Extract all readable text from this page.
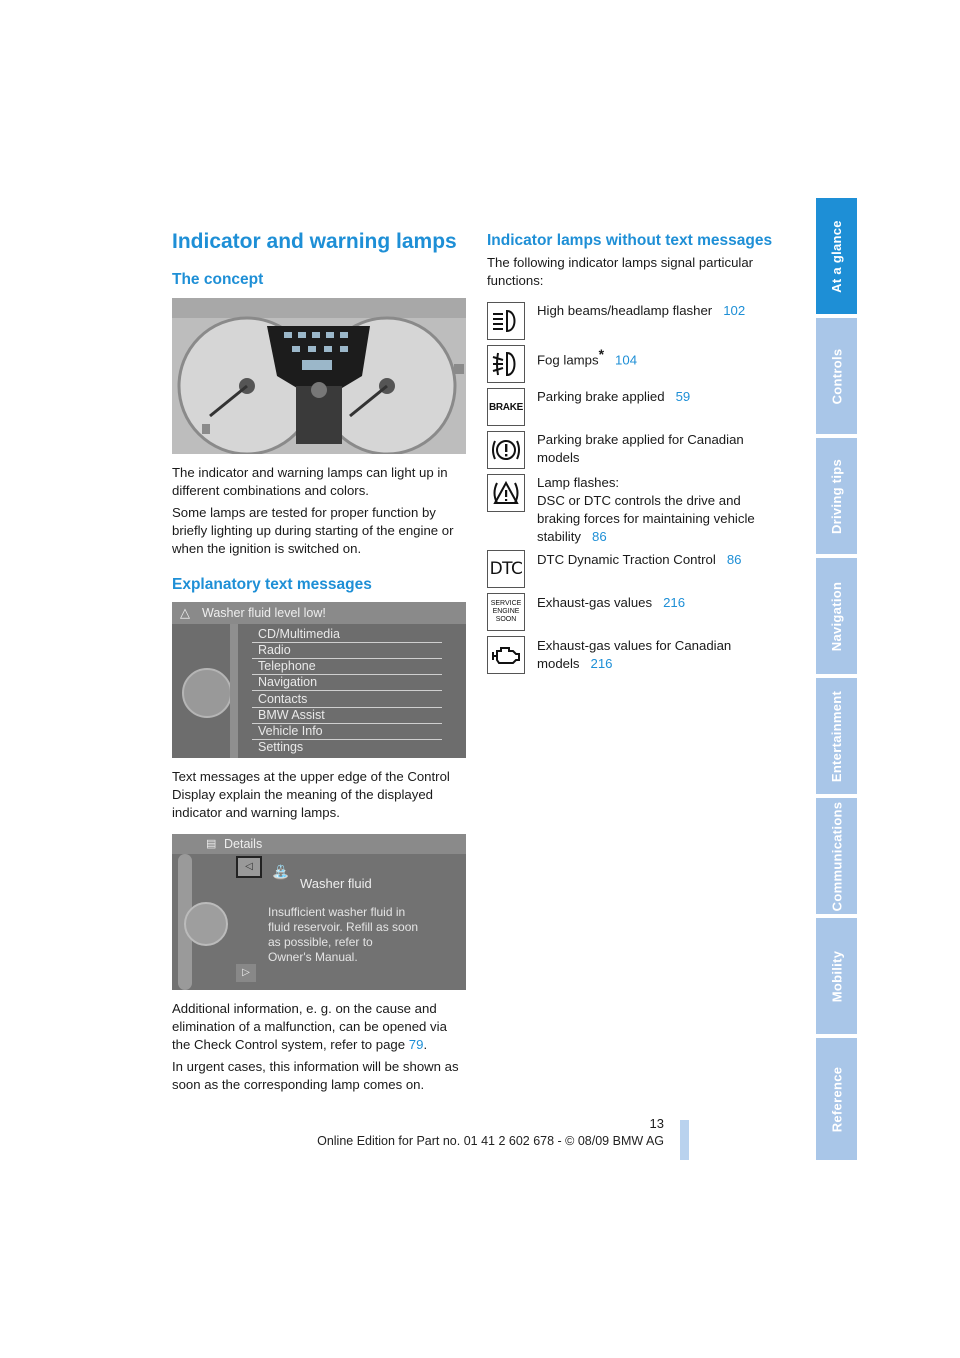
At a glance
Controls
Driving tips
Navigation
Entertainment
Communications
Mobility
Reference
Indicator and warning lamps
The concept

The indicator and warning lamps can light up in different combinations and colors.

Some lamps are tested for proper function by briefly lighting up during starting of the engine or when the ignition is switched on.

Explanatory text messages
△ Washer fluid level low!
CD/Multimedia
Radio
Telephone
Navigation
Contacts
BMW Assist
Vehicle Info
Settings

Text messages at the upper edge of the Control Display explain the meaning of the displayed indicator and warning lamps.

▤ Details
◁
▷
⛲
Washer fluid
Insufficient washer fluid in
fluid reservoir. Refill as soon
as possible, refer to
Owner's Manual.

Additional information, e. g. on the cause and elimination of a malfunction, can be opened via the Check Control system, refer to page 79.

In urgent cases, this information will be shown as soon as the corresponding lamp comes on.

Indicator lamps without text messages

The following indicator lamps signal particular functions:

High beams/headlamp flasher 102
Fog lamps* 104
BRAKE
Parking brake applied 59
Parking brake applied for Canadian models
Lamp flashes:
DSC or DTC controls the drive and braking forces for maintaining vehicle stability 86
DTC DTC Dynamic Traction Control 86
SERVICE
ENGINE
SOON
Exhaust-gas values 216
Exhaust-gas values for Canadian models 216
13
Online Edition for Part no. 01 41 2 602 678 - © 08/09 BMW AG
